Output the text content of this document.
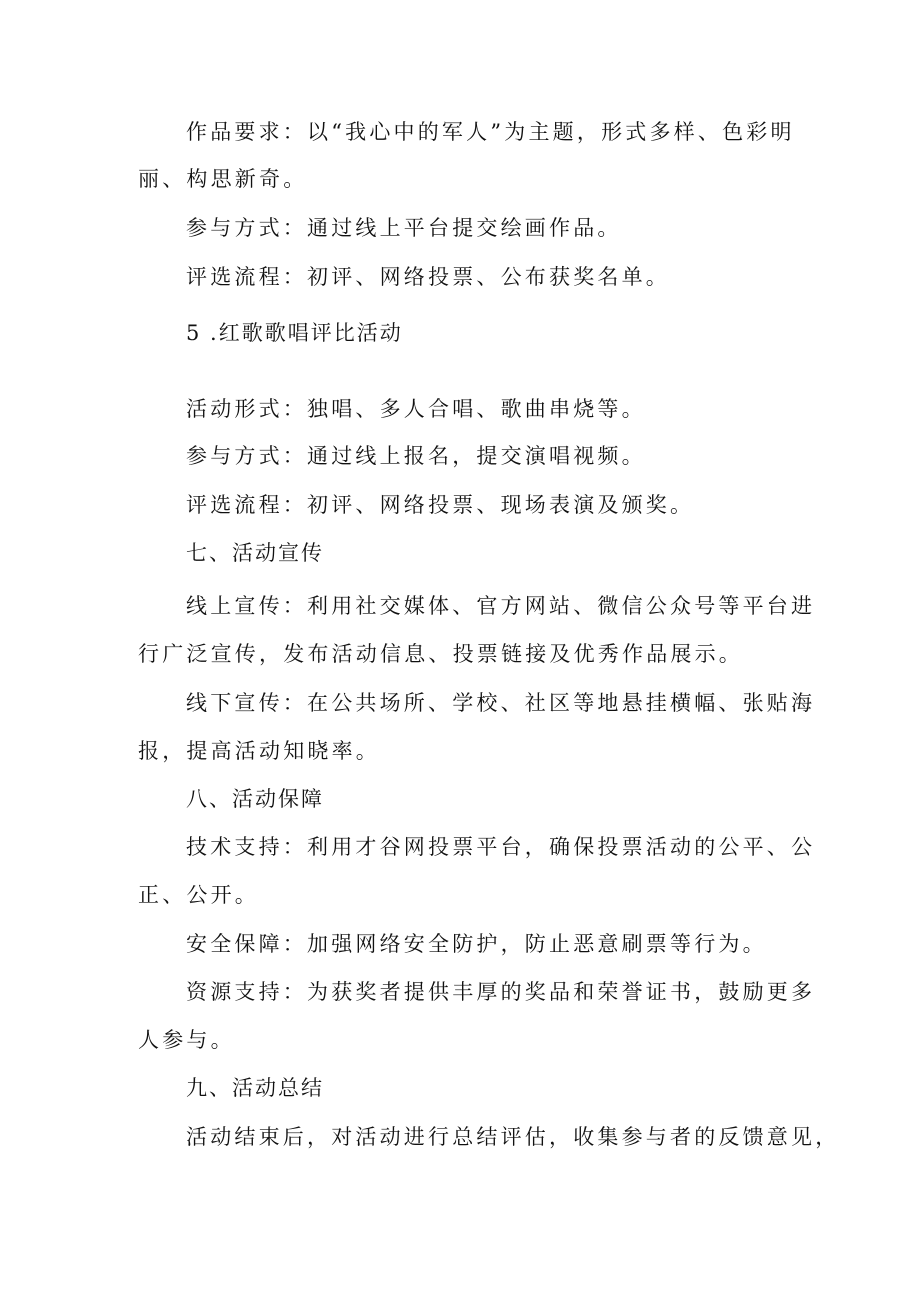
作品要求：以“我心中的军人”为主题，形式多样、色彩明

丽、构思新奇。

参与方式：通过线上平台提交绘画作品。

评选流程：初评、网络投票、公布获奖名单。

5 .红歌歌唱评比活动

活动形式：独唱、多人合唱、歌曲串烧等。

参与方式：通过线上报名，提交演唱视频。

评选流程：初评、网络投票、现场表演及颁奖。

七、活动宣传

线上宣传：利用社交媒体、官方网站、微信公众号等平台进

行广泛宣传，发布活动信息、投票链接及优秀作品展示。

线下宣传：在公共场所、学校、社区等地悬挂横幅、张贴海

报，提高活动知晓率。

八、活动保障

技术支持：利用才谷网投票平台，确保投票活动的公平、公

正、公开。

安全保障：加强网络安全防护，防止恶意刷票等行为。

资源支持：为获奖者提供丰厚的奖品和荣誉证书，鼓励更多

人参与。

九、活动总结

活动结束后，对活动进行总结评估，收集参与者的反馈意见，
